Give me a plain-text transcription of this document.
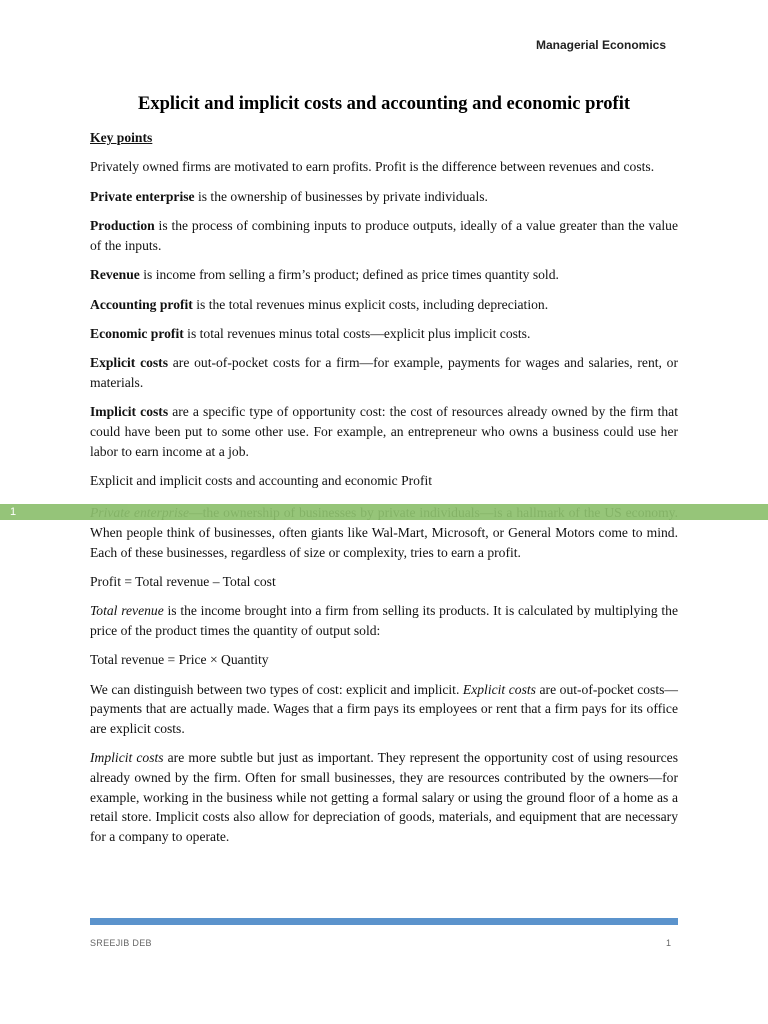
Managerial Economics
Explicit and implicit costs and accounting and economic profit

Key points

Privately owned firms are motivated to earn profits. Profit is the difference between revenues and costs.

Private enterprise is the ownership of businesses by private individuals.

Production is the process of combining inputs to produce outputs, ideally of a value greater than the value of the inputs.

Revenue is income from selling a firm’s product; defined as price times quantity sold.

Accounting profit is the total revenues minus explicit costs, including depreciation.

Economic profit is total revenues minus total costs—explicit plus implicit costs.

Explicit costs are out-of-pocket costs for a firm—for example, payments for wages and salaries, rent, or materials.

Implicit costs are a specific type of opportunity cost: the cost of resources already owned by the firm that could have been put to some other use. For example, an entrepreneur who owns a business could use her labor to earn income at a job.

Explicit and implicit costs and accounting and economic Profit

When people think of businesses, often giants like Wal-Mart, Microsoft, or General Motors come to mind. Each of these businesses, regardless of size or complexity, tries to earn a profit.

Profit = Total revenue – Total cost

Total revenue is the income brought into a firm from selling its products. It is calculated by multiplying the price of the product times the quantity of output sold:

Total revenue = Price × Quantity

We can distinguish between two types of cost: explicit and implicit. Explicit costs are out-of-pocket costs—payments that are actually made. Wages that a firm pays its employees or rent that a firm pays for its office are explicit costs.

Implicit costs are more subtle but just as important. They represent the opportunity cost of using resources already owned by the firm. Often for small businesses, they are resources contributed by the owners—for example, working in the business while not getting a formal salary or using the ground floor of a home as a retail store. Implicit costs also allow for depreciation of goods, materials, and equipment that are necessary for a company to operate.

1
SREEJIB DEB	1
